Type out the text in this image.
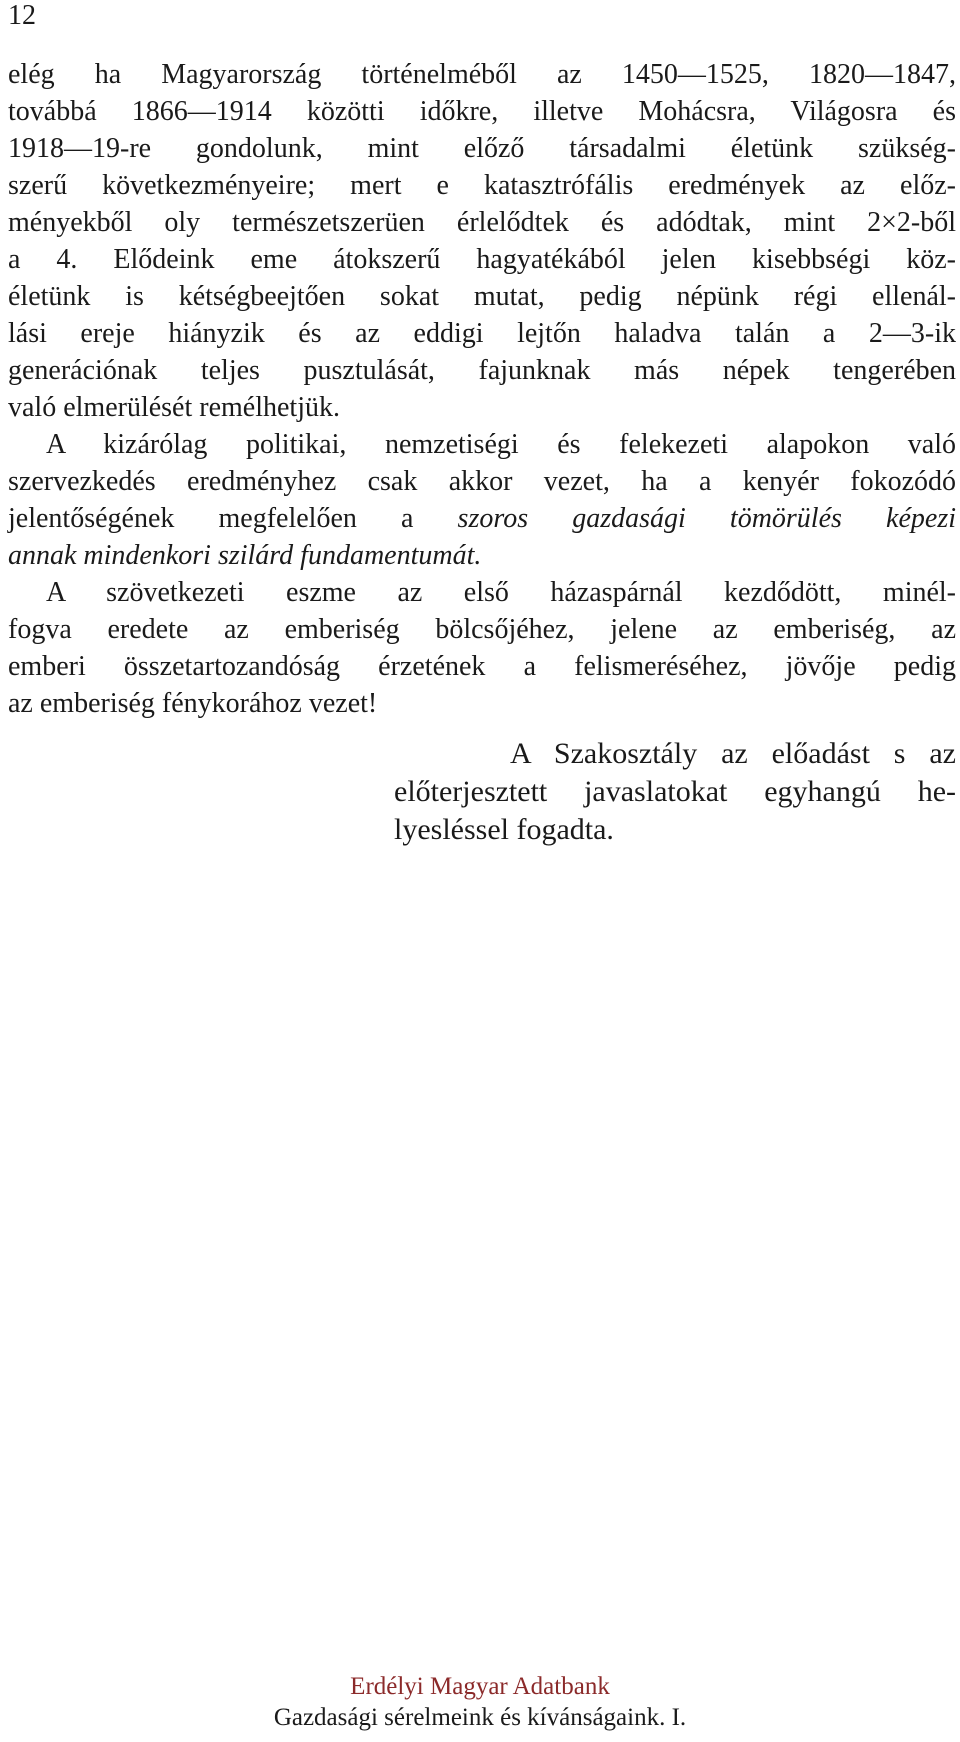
12
elég ha Magyarország történelméből az 1450—1525, 1820—1847,
továbbá 1866—1914 közötti időkre, illetve Mohácsra, Világosra és
1918—19-re gondolunk, mint előző társadalmi életünk szükség-
szerű következményeire; mert e katasztrófális eredmények az előz-
ményekből oly természetszerüen érlelődtek és adódtak, mint 2×2-ből
a 4. Elődeink eme átokszerű hagyatékából jelen kisebbségi köz-
életünk is kétségbeejtően sokat mutat, pedig népünk régi ellenál-
lási ereje hiányzik és az eddigi lejtőn haladva talán a 2—3-ik
generációnak teljes pusztulását, fajunknak más népek tengerében
való elmerülését remélhetjük.
A kizárólag politikai, nemzetiségi és felekezeti alapokon való
szervezkedés eredményhez csak akkor vezet, ha a kenyér fokozódó
jelentőségének megfelelően a szoros gazdasági tömörülés képezi
annak mindenkori szilárd fundamentumát.
A szövetkezeti eszme az első házaspárnál kezdődött, minél-
fogva eredete az emberiség bölcsőjéhez, jelene az emberiség, az
emberi összetartozandóság érzetének a felismeréséhez, jövője pedig
az emberiség fénykorához vezet!
A Szakosztály az előadást s az
előterjesztett javaslatokat egyhangú he-
lyesléssel fogadta.
Erdélyi Magyar Adatbank
Gazdasági sérelmeink és kívánságaink. I.
